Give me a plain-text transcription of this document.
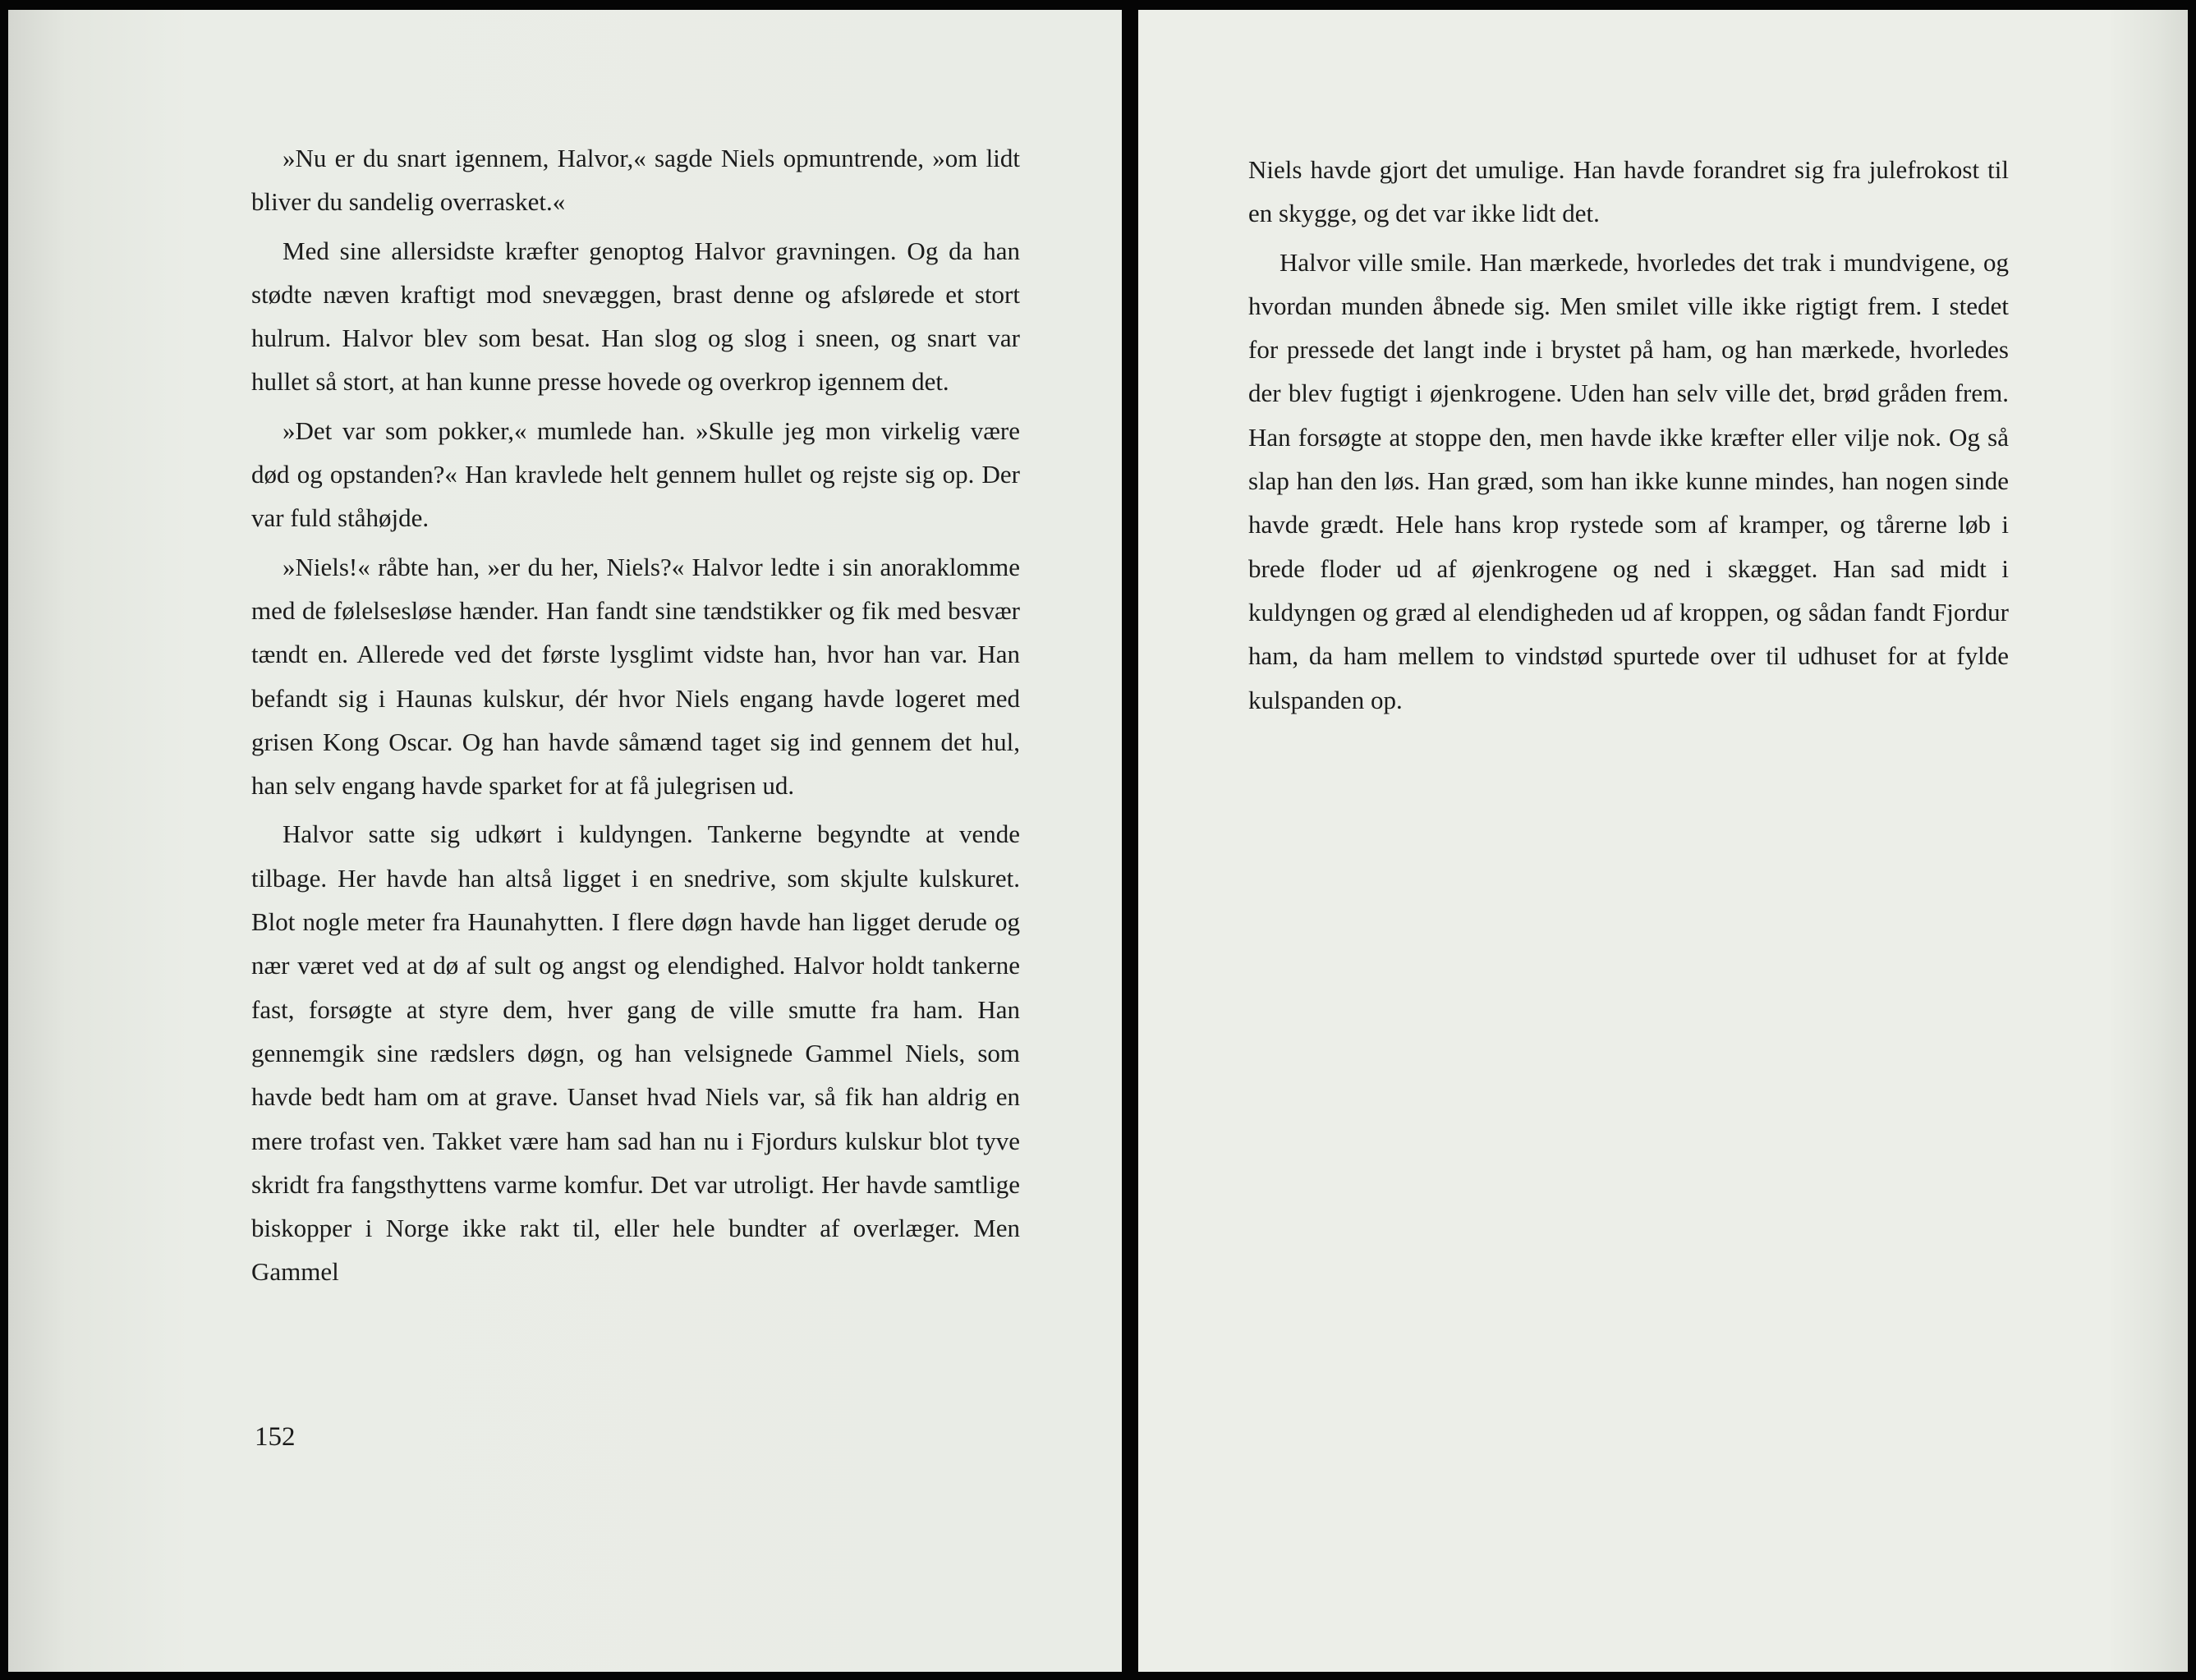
»Nu er du snart igennem, Halvor,« sagde Niels opmuntrende, »om lidt bliver du sandelig overrasket.«

Med sine allersidste kræfter genoptog Halvor gravningen. Og da han stødte næven kraftigt mod snevæggen, brast denne og afslørede et stort hulrum. Halvor blev som besat. Han slog og slog i sneen, og snart var hullet så stort, at han kunne presse hovede og overkrop igennem det.

»Det var som pokker,« mumlede han. »Skulle jeg mon virkelig være død og opstanden?« Han kravlede helt gennem hullet og rejste sig op. Der var fuld ståhøjde.

»Niels!« råbte han, »er du her, Niels?« Halvor ledte i sin anoraklomme med de følelsesløse hænder. Han fandt sine tændstikker og fik med besvær tændt en. Allerede ved det første lysglimt vidste han, hvor han var. Han befandt sig i Haunas kulskur, dér hvor Niels engang havde logeret med grisen Kong Oscar. Og han havde såmænd taget sig ind gennem det hul, han selv engang havde sparket for at få julegrisen ud.

Halvor satte sig udkørt i kuldyngen. Tankerne begyndte at vende tilbage. Her havde han altså ligget i en snedrive, som skjulte kulskuret. Blot nogle meter fra Haunahytten. I flere døgn havde han ligget derude og nær været ved at dø af sult og angst og elendighed. Halvor holdt tankerne fast, forsøgte at styre dem, hver gang de ville smutte fra ham. Han gennemgik sine rædslers døgn, og han velsignede Gammel Niels, som havde bedt ham om at grave. Uanset hvad Niels var, så fik han aldrig en mere trofast ven. Takket være ham sad han nu i Fjordurs kulskur blot tyve skridt fra fangsthyttens varme komfur. Det var utroligt. Her havde samtlige biskopper i Norge ikke rakt til, eller hele bundter af overlæger. Men Gammel

152

Niels havde gjort det umulige. Han havde forandret sig fra julefrokost til en skygge, og det var ikke lidt det.

Halvor ville smile. Han mærkede, hvorledes det trak i mundvigene, og hvordan munden åbnede sig. Men smilet ville ikke rigtigt frem. I stedet for pressede det langt inde i brystet på ham, og han mærkede, hvorledes der blev fugtigt i øjenkrogene. Uden han selv ville det, brød gråden frem. Han forsøgte at stoppe den, men havde ikke kræfter eller vilje nok. Og så slap han den løs. Han græd, som han ikke kunne mindes, han nogen sinde havde grædt. Hele hans krop rystede som af kramper, og tårerne løb i brede floder ud af øjenkrogene og ned i skægget. Han sad midt i kuldyngen og græd al elendigheden ud af kroppen, og sådan fandt Fjordur ham, da ham mellem to vindstød spurtede over til udhuset for at fylde kulspanden op.
